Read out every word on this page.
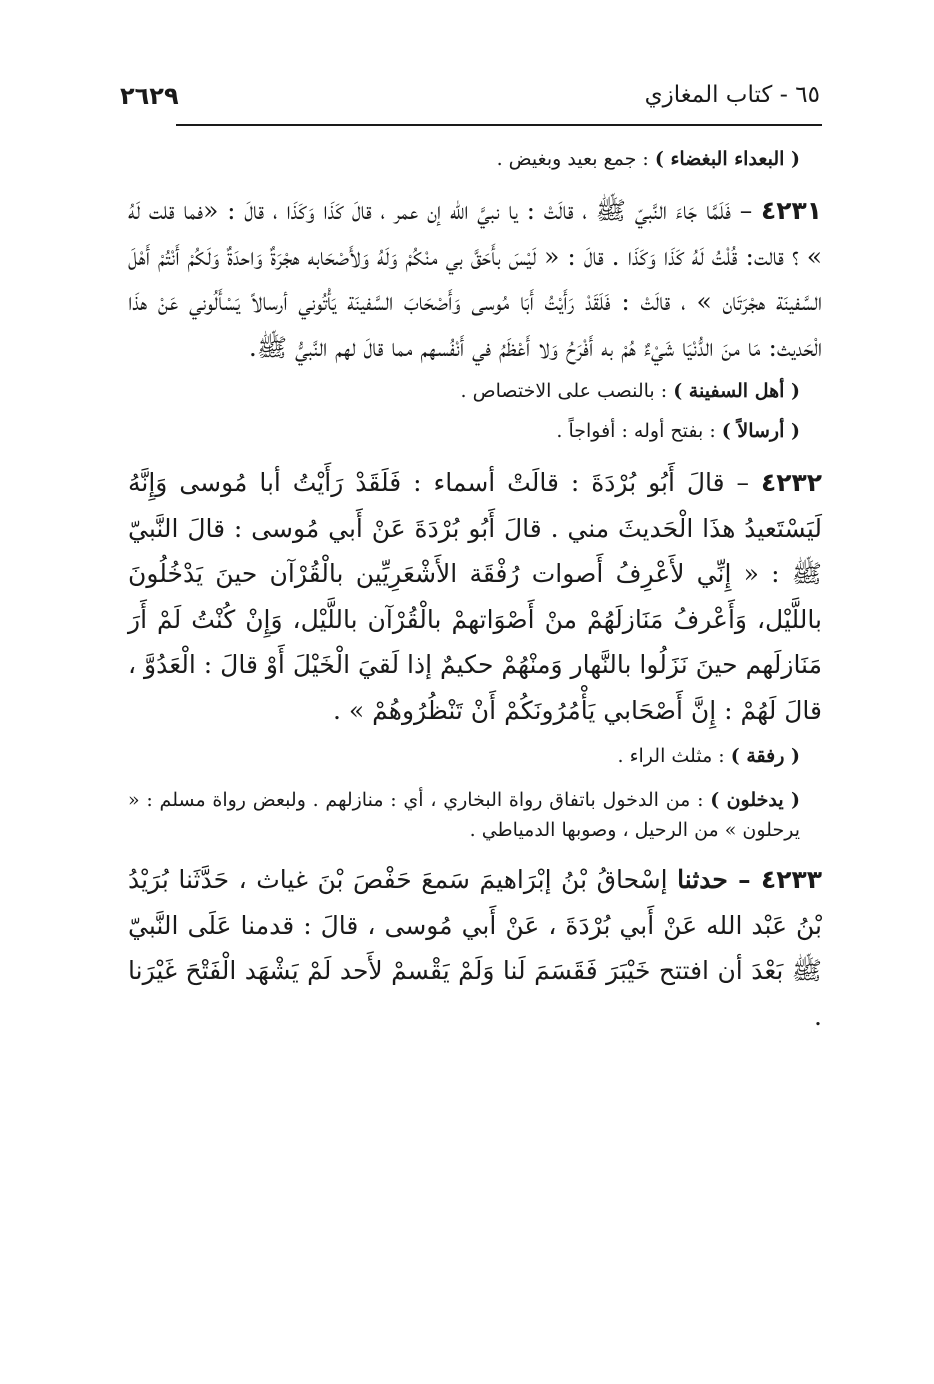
٦٥ - كتاب المغازي
٢٦٢٩

( البعداء البغضاء ) : جمع بعيد وبغيض .

٤٢٣١ – فَلَمَّا جَاءَ النَّبيّ ﷺ ، قالَتْ : يا نبيَّ الله إن عمر ، قالَ كَذَا وَكَذَا ، قالَ : «فما قلت لَهُ » ؟ قالت: قُلْتُ لَهُ كَذَا وَكَذَا . قالَ : « لَيْسَ بأَحَقَّ بي منْكُمْ وَلَهُ وَلأَصْحَابه هجْرَةٌ وَاحدَةٌ وَلَكُمْ أَنْتُمْ أَهْلَ السَّفينَة هجْرَتَان » ، قالَتْ : فَلَقَدْ رَأَيْتُ أَبَا مُوسى وَأَصْحَابَ السَّفينَة يَأْتُوني أرسالاً يَسْأَلُوني عَنْ هذَا الْحَديث: مَا منَ الدُّنْيَا شَيْءٌ هُمْ به أَفْرَحُ وَلا أَعْظَمُ في أَنْفُسهم مما قالَ لهم النَّبيُّ ﷺ.

( أهل السفينة ) : بالنصب على الاختصاص .

( أرسالاً ) : بفتح أوله : أفواجاً .

٤٢٣٢ – قالَ أَبُو بُرْدَةَ : قالَتْ أسماء : فَلَقَدْ رَأَيْتُ أبا مُوسى وَإِنَّهُ لَيَسْتَعيدُ هذَا الْحَديثَ مني . قالَ أَبُو بُرْدَةَ عَنْ أَبي مُوسى : قالَ النَّبيّ ﷺ : « إِنِّي لأَعْرِفُ أَصوات رُفْقَة الأَشْعَرِيِّين بالْقُرْآن حينَ يَدْخُلُونَ باللَّيْل، وَأَعْرفُ مَنَازلَهُمْ منْ أَصْوَاتهمْ بالْقُرْآن باللَّيْل، وَإِنْ كُنْتُ لَمْ أَرَ مَنَازلَهم حينَ نَزَلُوا بالنَّهار وَمنْهُمْ حكيمٌ إذا لَقيَ الْخَيْلَ أَوْ قالَ : الْعَدُوَّ ، قالَ لَهُمْ : إِنَّ أَصْحَابي يَأْمُرُونَكُمْ أَنْ تَنْظُرُوهُمْ » .

( رفقة ) : مثلث الراء .

( يدخلون ) : من الدخول باتفاق رواة البخاري ، أي : منازلهم . ولبعض رواة مسلم : « يرحلون » من الرحيل ، وصوبها الدمياطي .

٤٢٣٣ – حدثنا إسْحاقُ بْنُ إبْرَاهيمَ سَمعَ حَفْصَ بْنَ غياث ، حَدَّثَنا بُرَيْدُ بْنُ عَبْد الله عَنْ أَبي بُرْدَةَ ، عَنْ أَبي مُوسى ، قالَ : قدمنا عَلَى النَّبيّ ﷺ بَعْدَ أن افتتح خَيْبَرَ فَقَسَمَ لَنا وَلَمْ يَقْسمْ لأَحد لَمْ يَشْهَد الْفَتْحَ غَيْرَنا .
